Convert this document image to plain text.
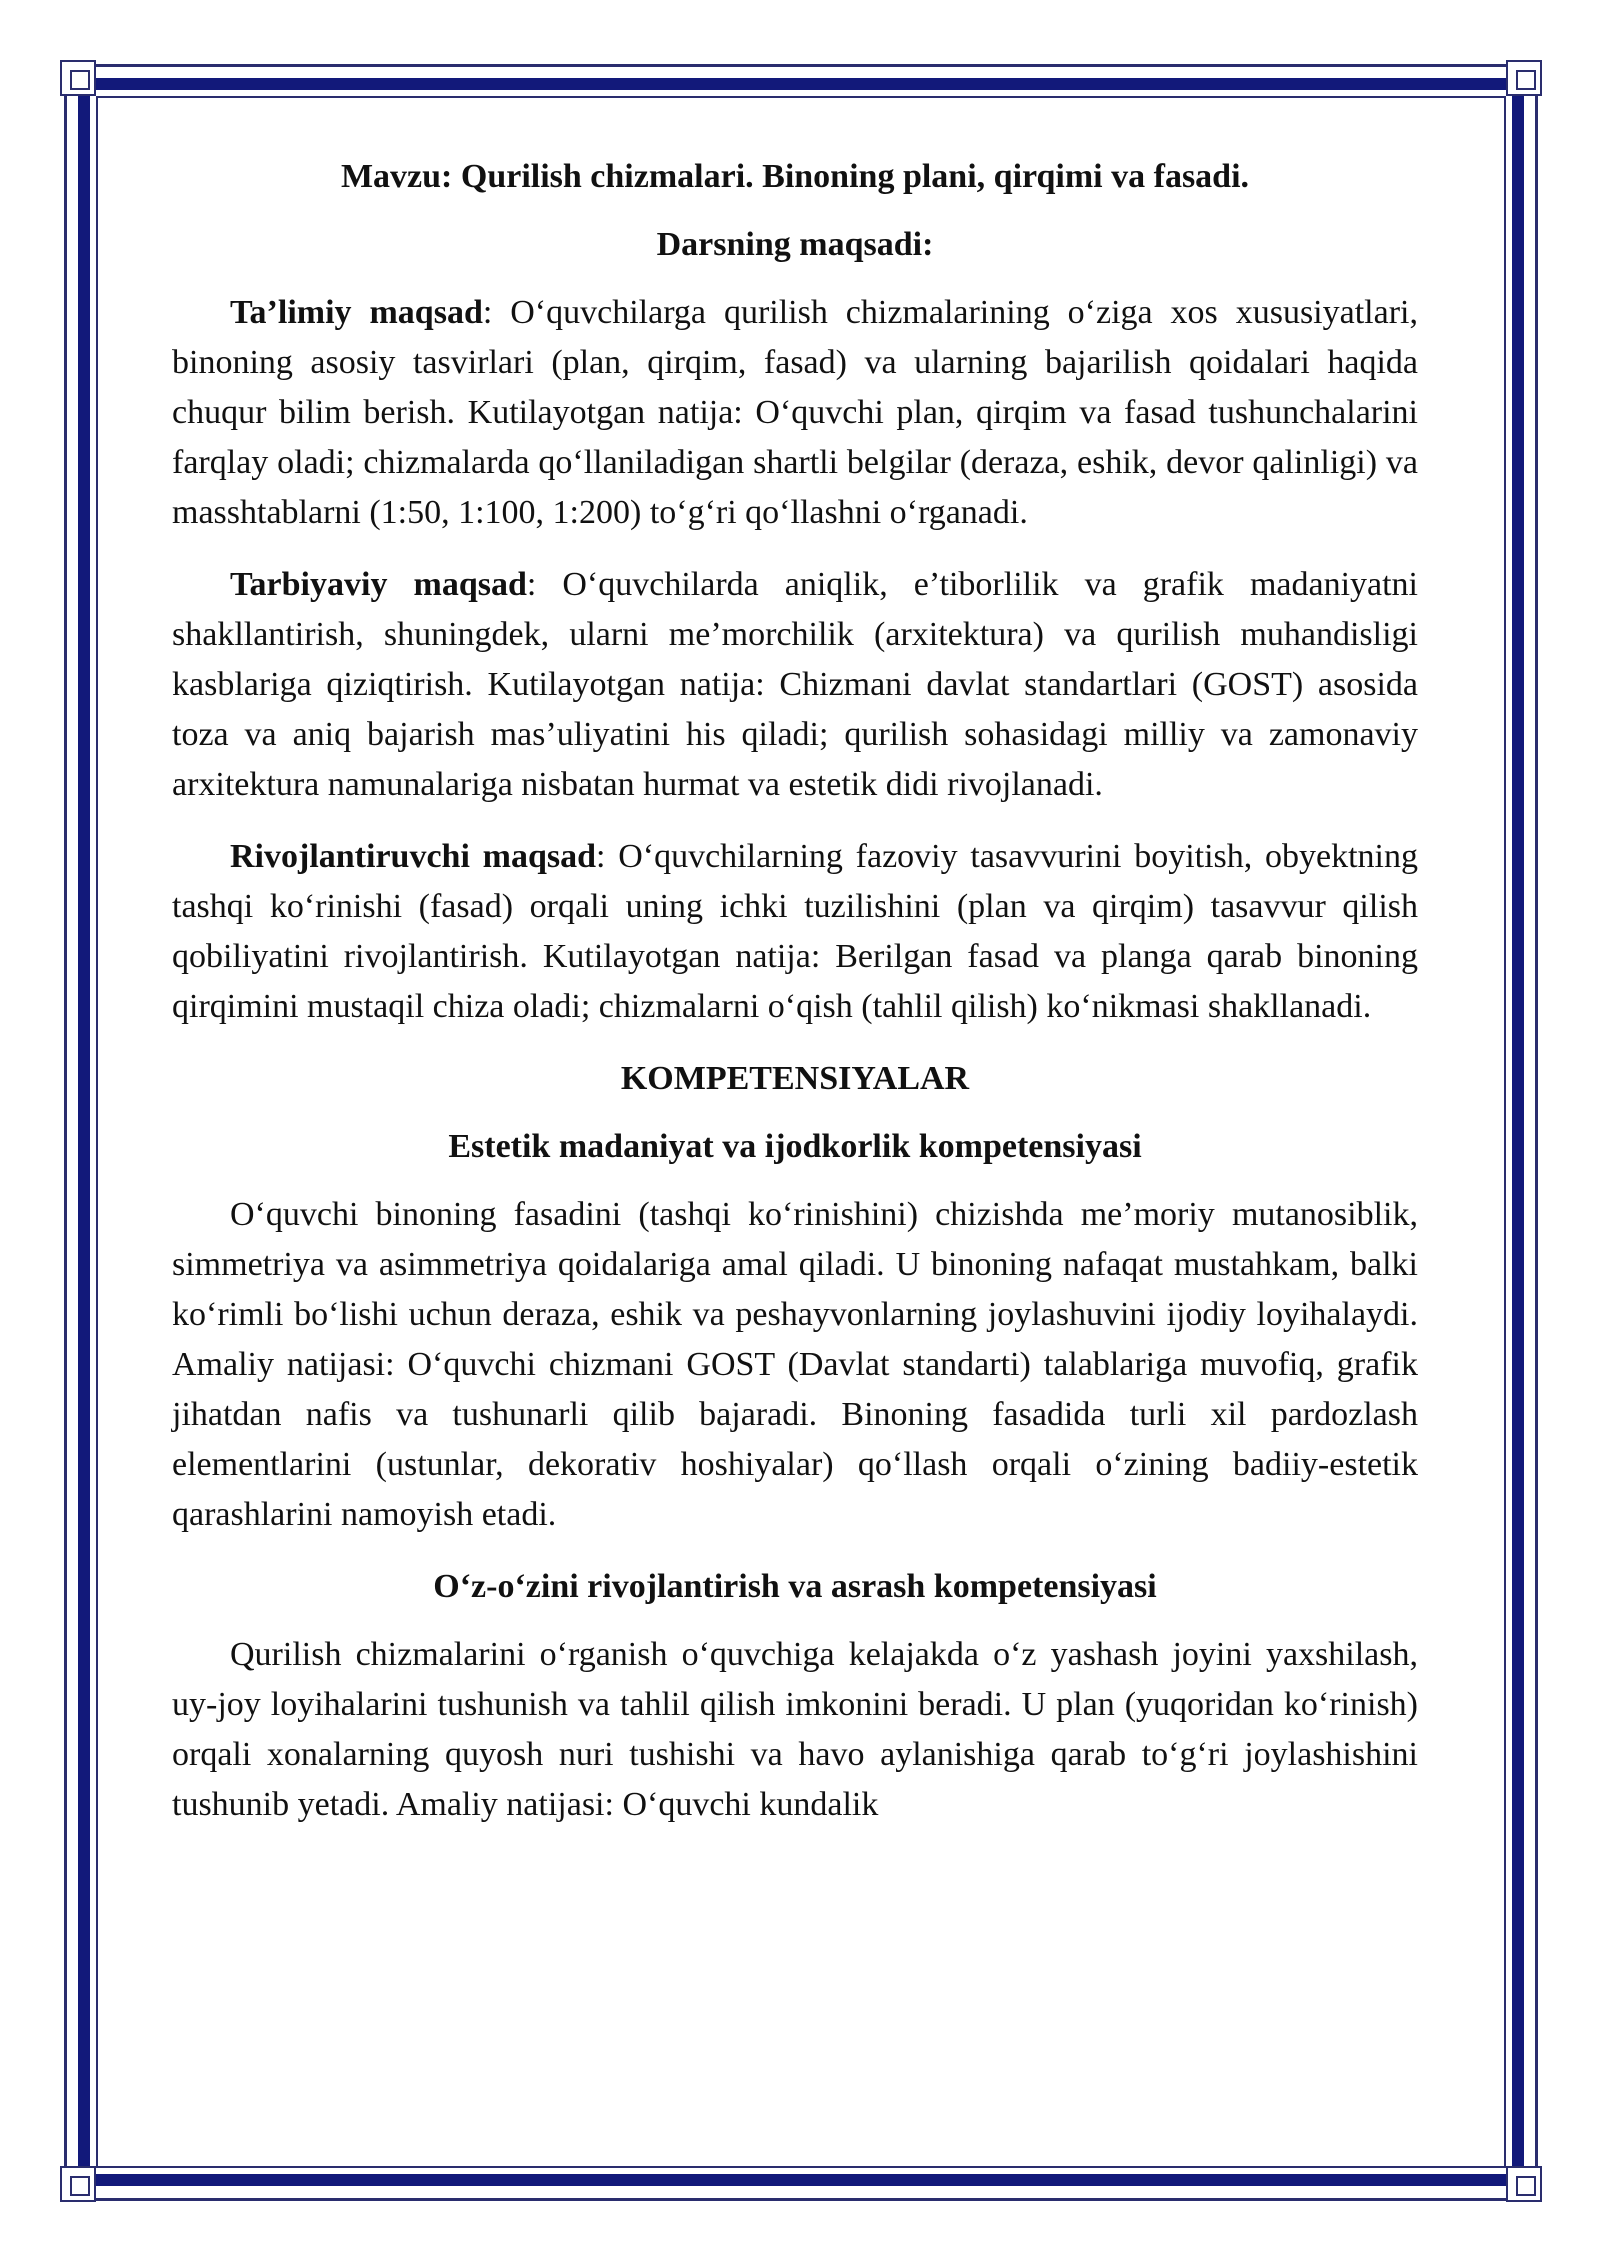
Mavzu: Qurilish chizmalari. Binoning plani, qirqimi va fasadi.

Darsning maqsadi:

Ta’limiy maqsad: O‘quvchilarga qurilish chizmalarining o‘ziga xos xususiyatlari, binoning asosiy tasvirlari (plan, qirqim, fasad) va ularning bajarilish qoidalari haqida chuqur bilim berish. Kutilayotgan natija: O‘quvchi plan, qirqim va fasad tushunchalarini farqlay oladi; chizmalarda qo‘llaniladigan shartli belgilar (deraza, eshik, devor qalinligi) va masshtablarni (1:50, 1:100, 1:200) to‘g‘ri qo‘llashni o‘rganadi.

Tarbiyaviy maqsad: O‘quvchilarda aniqlik, e’tiborlilik va grafik madaniyatni shakllantirish, shuningdek, ularni me’morchilik (arxitektura) va qurilish muhandisligi kasblariga qiziqtirish. Kutilayotgan natija: Chizmani davlat standartlari (GOST) asosida toza va aniq bajarish mas’uliyatini his qiladi; qurilish sohasidagi milliy va zamonaviy arxitektura namunalariga nisbatan hurmat va estetik didi rivojlanadi.

Rivojlantiruvchi maqsad: O‘quvchilarning fazoviy tasavvurini boyitish, obyektning tashqi ko‘rinishi (fasad) orqali uning ichki tuzilishini (plan va qirqim) tasavvur qilish qobiliyatini rivojlantirish. Kutilayotgan natija: Berilgan fasad va planga qarab binoning qirqimini mustaqil chiza oladi; chizmalarni o‘qish (tahlil qilish) ko‘nikmasi shakllanadi.

KOMPETENSIYALAR

Estetik madaniyat va ijodkorlik kompetensiyasi

O‘quvchi binoning fasadini (tashqi ko‘rinishini) chizishda me’moriy mutanosiblik, simmetriya va asimmetriya qoidalariga amal qiladi. U binoning nafaqat mustahkam, balki ko‘rimli bo‘lishi uchun deraza, eshik va peshayvonlarning joylashuvini ijodiy loyihalaydi. Amaliy natijasi: O‘quvchi chizmani GOST (Davlat standarti) talablariga muvofiq, grafik jihatdan nafis va tushunarli qilib bajaradi. Binoning fasadida turli xil pardozlash elementlarini (ustunlar, dekorativ hoshiyalar) qo‘llash orqali o‘zining badiiy-estetik qarashlarini namoyish etadi.

O‘z-o‘zini rivojlantirish va asrash kompetensiyasi

Qurilish chizmalarini o‘rganish o‘quvchiga kelajakda o‘z yashash joyini yaxshilash, uy-joy loyihalarini tushunish va tahlil qilish imkonini beradi. U plan (yuqoridan ko‘rinish) orqali xonalarning quyosh nuri tushishi va havo aylanishiga qarab to‘g‘ri joylashishini tushunib yetadi. Amaliy natijasi: O‘quvchi kundalik
